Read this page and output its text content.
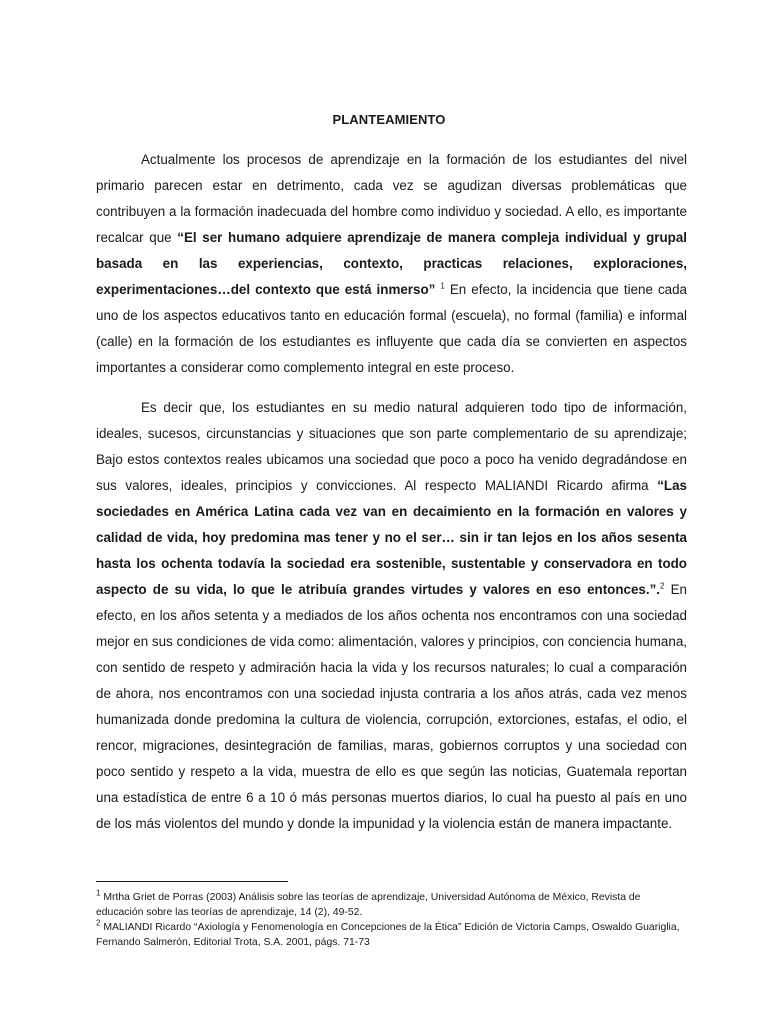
PLANTEAMIENTO

Actualmente los procesos de aprendizaje en la formación de los estudiantes del nivel primario parecen estar en detrimento, cada vez se agudizan diversas problemáticas que contribuyen a la formación inadecuada del hombre como individuo y sociedad. A ello, es importante recalcar que “El ser humano adquiere aprendizaje de manera compleja individual y grupal basada en las experiencias, contexto, practicas relaciones, exploraciones, experimentaciones…del contexto que está inmerso” $^1$ En efecto, la incidencia que tiene cada uno de los aspectos educativos tanto en educación formal (escuela), no formal (familia) e informal (calle) en la formación de los estudiantes es influyente que cada día se convierten en aspectos importantes a considerar como complemento integral en este proceso.

Es decir que, los estudiantes en su medio natural adquieren todo tipo de información, ideales, sucesos, circunstancias y situaciones que son parte complementario de su aprendizaje; Bajo estos contextos reales ubicamos una sociedad que poco a poco ha venido degradándose en sus valores, ideales, principios y convicciones. Al respecto MALIANDI Ricardo afirma “Las sociedades en América Latina cada vez van en decaimiento en la formación en valores y calidad de vida, hoy predomina mas tener y no el ser… sin ir tan lejos en los años sesenta hasta los ochenta todavía la sociedad era sostenible, sustentable y conservadora en todo aspecto de su vida, lo que le atribuía grandes virtudes y valores en eso entonces.”.$^2$ En efecto, en los años setenta y a mediados de los años ochenta nos encontramos con una sociedad mejor en sus condiciones de vida como: alimentación, valores y principios, con conciencia humana, con sentido de respeto y admiración hacia la vida y los recursos naturales; lo cual a comparación de ahora, nos encontramos con una sociedad injusta contraria a los años atrás, cada vez menos humanizada donde predomina la cultura de violencia, corrupción, extorciones, estafas, el odio, el rencor, migraciones, desintegración de familias, maras, gobiernos corruptos y una sociedad con poco sentido y respeto a la vida, muestra de ello es que según las noticias, Guatemala reportan una estadística de entre 6 a 10 ó más personas muertos diarios, lo cual ha puesto al país en uno de los más violentos del mundo y donde la impunidad y la violencia están de manera impactante.

$^1$ Mrtha Griet de Porras (2003) Análisis sobre las teorías de aprendizaje, Universidad Autónoma de México, Revista de educación sobre las teorías de aprendizaje, 14 (2), 49-52.

$^2$ MALIANDI Ricardo “Axiología y Fenomenología en Concepciones de la Ética” Edición de Victoria Camps, Oswaldo Guariglia, Fernando Salmerón, Editorial Trota, S.A. 2001, págs. 71-73
